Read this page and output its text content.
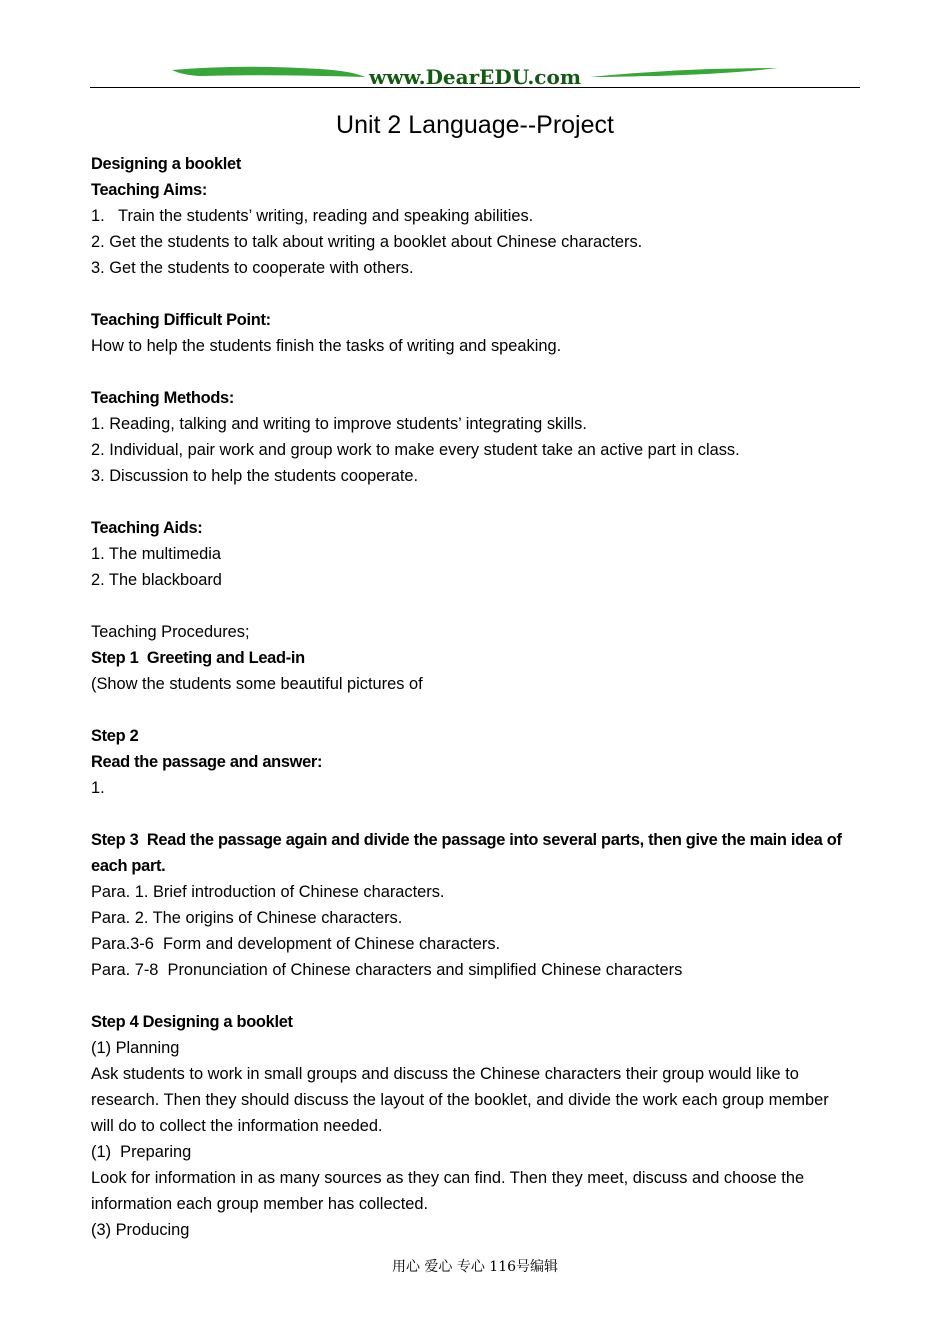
www.DearEDU.com
Unit 2 Language--Project
Designing a booklet
Teaching Aims:
1.   Train the students’ writing, reading and speaking abilities.
2. Get the students to talk about writing a booklet about Chinese characters.
3. Get the students to cooperate with others.
Teaching Difficult Point:
How to help the students finish the tasks of writing and speaking.
Teaching Methods:
1. Reading, talking and writing to improve students’ integrating skills.
2. Individual, pair work and group work to make every student take an active part in class.
3. Discussion to help the students cooperate.
Teaching Aids:
1. The multimedia
2. The blackboard
Teaching Procedures;
Step 1  Greeting and Lead-in
(Show the students some beautiful pictures of
Step 2
Read the passage and answer:
1.
Step 3  Read the passage again and divide the passage into several parts, then give the main idea of
each part.
Para. 1. Brief introduction of Chinese characters.
Para. 2. The origins of Chinese characters.
Para.3-6  Form and development of Chinese characters.
Para. 7-8  Pronunciation of Chinese characters and simplified Chinese characters
Step 4 Designing a booklet
(1) Planning
Ask students to work in small groups and discuss the Chinese characters their group would like to
research. Then they should discuss the layout of the booklet, and divide the work each group member
will do to collect the information needed.
(1)  Preparing
Look for information in as many sources as they can find. Then they meet, discuss and choose the
information each group member has collected.
(3) Producing
用心 爱心 专心 116号编辑
